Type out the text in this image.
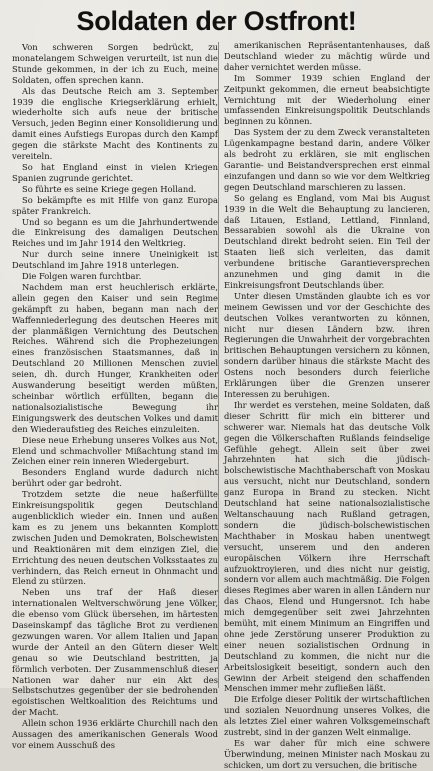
Soldaten der Ostfront!

Von schweren Sorgen bedrückt, zu monatelangem Schweigen verurteilt, ist nun die Stunde gekommen, in der ich zu Euch, meine Soldaten, offen sprechen kann.

Als das Deutsche Reich am 3. September 1939 die englische Kriegserklärung erhielt, wiederholte sich aufs neue der britische Versuch, jeden Beginn einer Konsolidierung und damit eines Aufstiegs Europas durch den Kampf gegen die stärkste Macht des Kontinents zu vereiteln.

So hat England einst in vielen Kriegen Spanien zugrunde gerichtet.

So führte es seine Kriege gegen Holland.

So bekämpfte es mit Hilfe von ganz Europa später Frankreich.

Und so begann es um die Jahrhundertwende die Einkreisung des damaligen Deutschen Reiches und im Jahr 1914 den Weltkrieg.

Nur durch seine innere Uneinigkeit ist Deutschland im Jahre 1918 unterlegen.

Die Folgen waren furchtbar.

Nachdem man erst heuchlerisch erklärte, allein gegen den Kaiser und sein Regime gekämpft zu haben, begann man nach der Waffenniederlegung des deutschen Heeres mit der planmäßigen Vernichtung des Deutschen Reiches. Während sich die Prophezeiungen eines französischen Staatsmannes, daß in Deutschland 20 Millionen Menschen zuviel seien, dh. durch Hunger, Krankheiten oder Auswanderung beseitigt werden müßten, scheinbar wörtlich erfüllten, begann die nationalsozialistische Bewegung ihr Einigungswerk des deutschen Volkes und damit den Wiederaufstieg des Reiches einzuleiten.

Diese neue Erhebung unseres Volkes aus Not, Elend und schmachvoller Mißachtung stand im Zeichen einer rein inneren Wiedergeburt.

Besonders England wurde dadurch nicht berührt oder gar bedroht.

Trotzdem setzte die neue haßerfüllte Einkreisungspolitik gegen Deutschland augenblicklich wieder ein. Innen und außen kam es zu jenem uns bekannten Komplott zwischen Juden und Demokraten, Bolschewisten und Reaktionären mit dem einzigen Ziel, die Errichtung des neuen deutschen Volksstaates zu verhindern, das Reich erneut in Ohnmacht und Elend zu stürzen.

Neben uns traf der Haß dieser internationalen Weltverschwörung jene Völker, die ebenso vom Glück übersehen, im härtesten Daseinskampf das tägliche Brot zu verdienen gezwungen waren. Vor allem Italien und Japan wurde der Anteil an den Gütern dieser Welt genau so wie Deutschland bestritten, ja förmlich verboten. Der Zusammenschluß dieser Nationen war daher nur ein Akt des Selbstschutzes gegenüber der sie bedrohenden egoistischen Weltkoalition des Reichtums und der Macht.

Allein schon 1936 erklärte Churchill nach den Aussagen des amerikanischen Generals Wood vor einem Ausschuß des

amerikanischen Repräsentantenhauses, daß Deutschland wieder zu mächtig würde und daher vernichtet werden müsse.

Im Sommer 1939 schien England der Zeitpunkt gekommen, die erneut beabsichtigte Vernichtung mit der Wiederholung einer umfassenden Einkreisungspolitik Deutschlands beginnen zu können.

Das System der zu dem Zweck veranstalteten Lügenkampagne bestand darin, andere Völker als bedroht zu erklären, sie mit englischen Garantie- und Beistandversprechen erst einmal einzufangen und dann so wie vor dem Weltkrieg gegen Deutschland marschieren zu lassen.

So gelang es England, vom Mai bis August 1939 in die Welt die Behauptung zu lancieren, daß Litauen, Estland, Lettland, Finnland, Bessarabien sowohl als die Ukraine von Deutschland direkt bedroht seien. Ein Teil der Staaten ließ sich verleiten, das damit verbundene britische Garantieversprechen anzunehmen und ging damit in die Einkreisungsfront Deutschlands über.

Unter diesen Umständen glaubte ich es vor meinem Gewissen und vor der Geschichte des deutschen Volkes verantworten zu können, nicht nur diesen Ländern bzw. ihren Regierungen die Unwahrheit der vorgebrachten britischen Behauptungen versichern zu können, sondern darüber hinaus die stärkste Macht des Ostens noch besonders durch feierliche Erklärungen über die Grenzen unserer Interessen zu beruhigen.

Ihr werdet es verstehen, meine Soldaten, daß dieser Schritt für mich ein bitterer und schwerer war. Niemals hat das deutsche Volk gegen die Völkerschaften Rußlands feindselige Gefühle gehegt. Allein seit über zwei Jahrzehnten hat sich die jüdisch-bolschewistische Machthaberschaft von Moskau aus versucht, nicht nur Deutschland, sondern ganz Europa in Brand zu stecken. Nicht Deutschland hat seine nationalsozialistische Weltanschauung nach Rußland getragen, sondern die jüdisch-bolschewistischen Machthaber in Moskau haben unentwegt versucht, unserem und den anderen europäischen Völkern ihre Herrschaft aufzuoktroyieren, und dies nicht nur geistig, sondern vor allem auch machtmäßig. Die Folgen dieses Regimes aber waren in allen Ländern nur das Chaos, Elend und Hungersnot. Ich habe mich demgegenüber seit zwei Jahrzehnten bemüht, mit einem Minimum an Eingriffen und ohne jede Zerstörung unserer Produktion zu einer neuen sozialistischen Ordnung in Deutschland zu kommen, die nicht nur die Arbeitslosigkeit beseitigt, sondern auch den Gewinn der Arbeit steigend den schaffenden Menschen immer mehr zufließen läßt.

Die Erfolge dieser Politik der wirtschaftlichen und sozialen Neuordnung unseres Volkes, die als letztes Ziel einer wahren Volksgemeinschaft zustrebt, sind in der ganzen Welt einmalige.

Es war daher für mich eine schwere Überwindung, meinen Minister nach Moskau zu schicken, um dort zu versuchen, die britische
